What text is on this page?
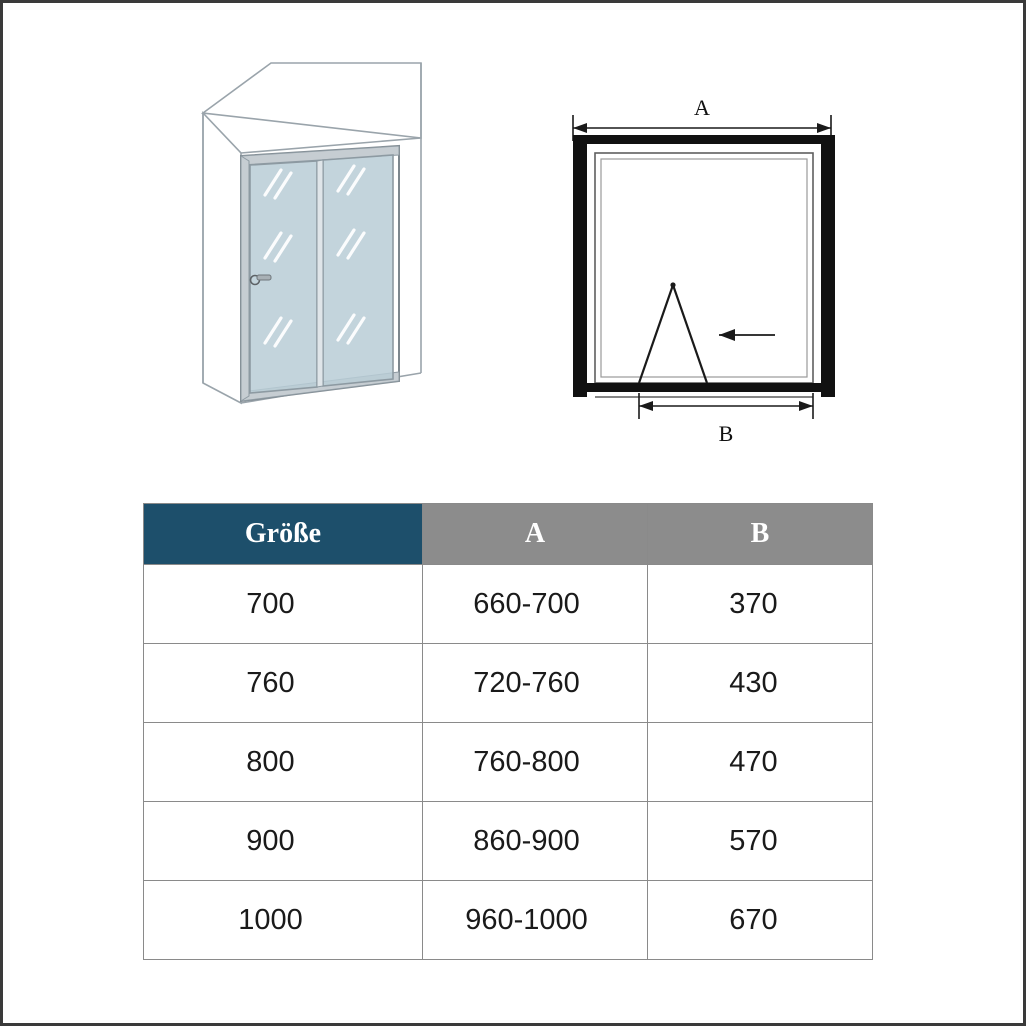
A
B
Größe	A	B
700	660-700	370
760	720-760	430
800	760-800	470
900	860-900	570
1000	960-1000	670
